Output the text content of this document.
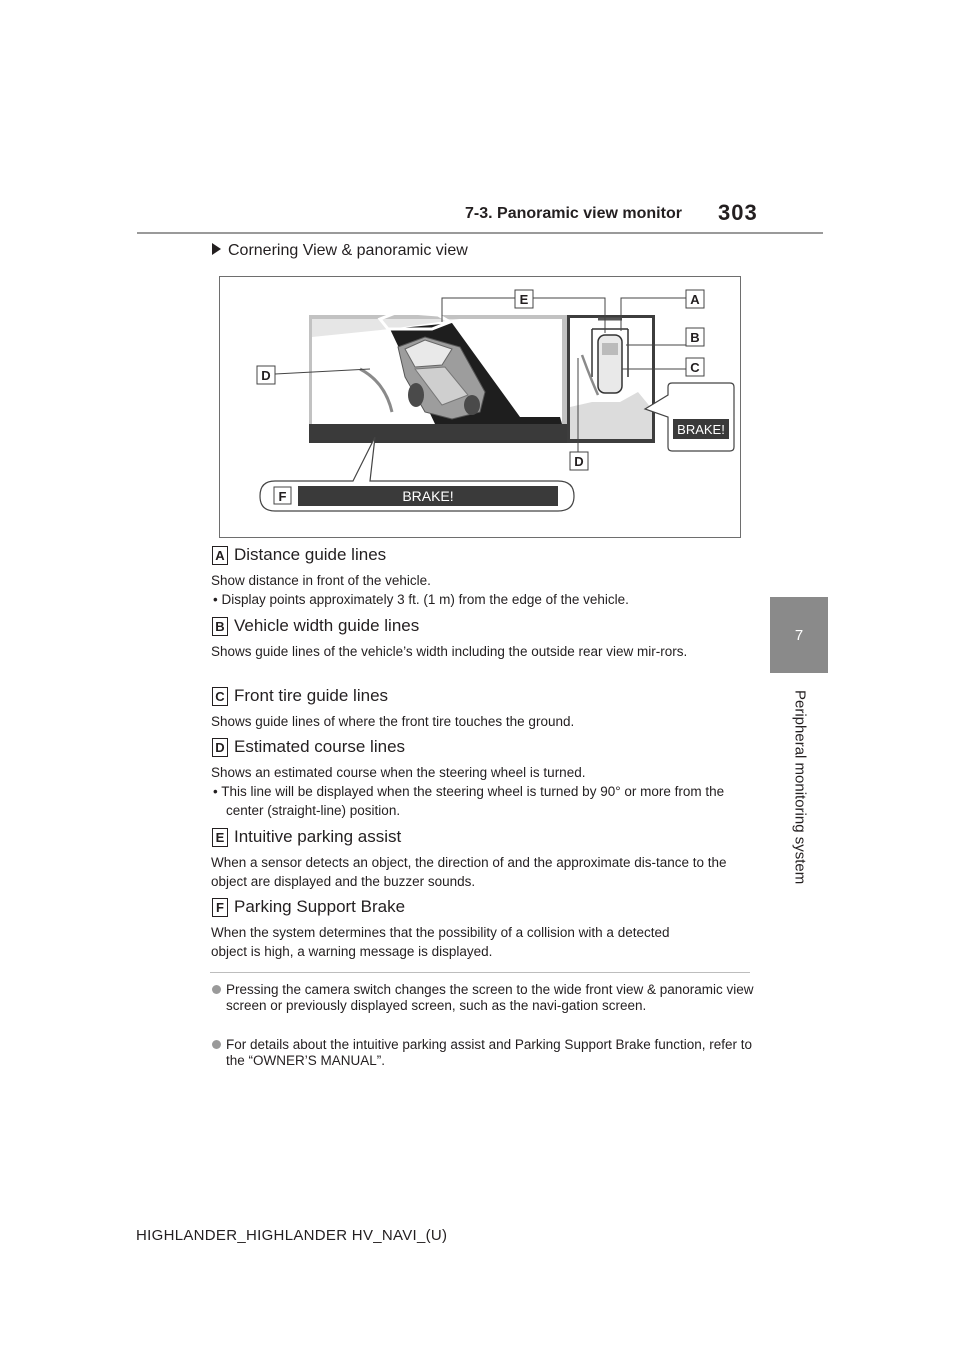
7-3. Panoramic view monitor 303
7
Peripheral monitoring system
Cornering View & panoramic view
E	A
B
C
D
D
BRAKE!
F	BRAKE!
A Distance guide lines
Show distance in front of the vehicle.
• Display points approximately 3 ft. (1 m) from the edge of the vehicle.
B Vehicle width guide lines
Shows guide lines of the vehicle’s width including the outside rear view mir-rors.
C Front tire guide lines
Shows guide lines of where the front tire touches the ground.
D Estimated course lines
Shows an estimated course when the steering wheel is turned.
• This line will be displayed when the steering wheel is turned by 90° or more from the center (straight-line) position.
E Intuitive parking assist
When a sensor detects an object, the direction of and the approximate dis-tance to the object are displayed and the buzzer sounds.
F Parking Support Brake
When the system determines that the possibility of a collision with a detected object is high, a warning message is displayed.
Pressing the camera switch changes the screen to the wide front view & panoramic view screen or previously displayed screen, such as the navi-gation screen.
For details about the intuitive parking assist and Parking Support Brake function, refer to the “OWNER’S MANUAL”.
HIGHLANDER_HIGHLANDER HV_NAVI_(U)
